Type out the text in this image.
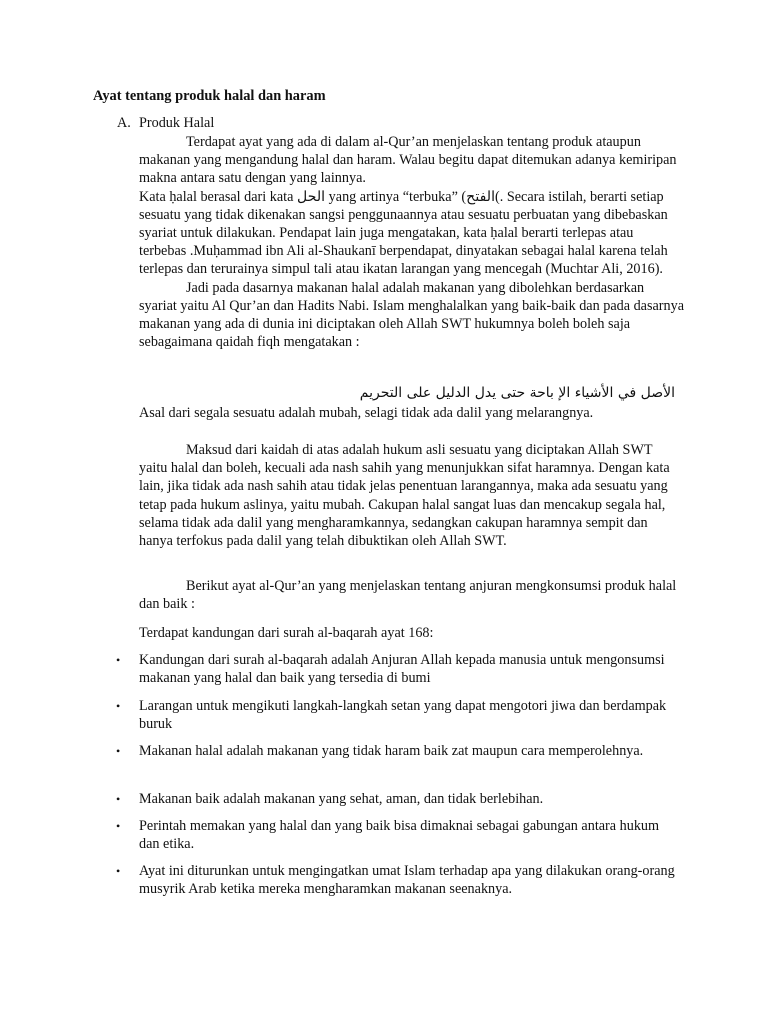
Ayat tentang produk halal dan haram
A. Produk Halal

Terdapat ayat yang ada di dalam al-Qur’an menjelaskan tentang produk ataupun makanan yang mengandung halal dan haram. Walau begitu dapat ditemukan adanya kemiripan makna antara satu dengan yang lainnya.

Kata ḥalal berasal dari kata الحل yang artinya “terbuka” (الفتح(. Secara istilah, berarti setiap sesuatu yang tidak dikenakan sangsi penggunaannya atau sesuatu perbuatan yang dibebaskan syariat untuk dilakukan. Pendapat lain juga mengatakan, kata ḥalal berarti terlepas atau terbebas .Muḥammad ibn Ali al-Shaukanī berpendapat, dinyatakan sebagai halal karena telah terlepas dan terurainya simpul tali atau ikatan larangan yang mencegah (Muchtar Ali, 2016).

Jadi pada dasarnya makanan halal adalah makanan yang dibolehkan berdasarkan syariat yaitu Al Qur’an dan Hadits Nabi. Islam menghalalkan yang baik-baik dan pada dasarnya makanan yang ada di dunia ini diciptakan oleh Allah SWT hukumnya boleh boleh saja sebagaimana qaidah fiqh mengatakan :

الأصل في الأشياء الإ باحة حتى يدل الدليل على التحريم
Asal dari segala sesuatu adalah mubah, selagi tidak ada dalil yang melarangnya.

Maksud dari kaidah di atas adalah hukum asli sesuatu yang diciptakan Allah SWT yaitu halal dan boleh, kecuali ada nash sahih yang menunjukkan sifat haramnya. Dengan kata lain, jika tidak ada nash sahih atau tidak jelas penentuan larangannya, maka ada sesuatu yang tetap pada hukum aslinya, yaitu mubah. Cakupan halal sangat luas dan mencakup segala hal, selama tidak ada dalil yang mengharamkannya, sedangkan cakupan haramnya sempit dan hanya terfokus pada dalil yang telah dibuktikan oleh Allah SWT.

Berikut ayat al-Qur’an yang menjelaskan tentang anjuran mengkonsumsi produk halal dan baik :

Terdapat kandungan dari surah al-baqarah ayat 168:
• Kandungan dari surah al-baqarah adalah Anjuran Allah kepada manusia untuk mengonsumsi makanan yang halal dan baik yang tersedia di bumi
• Larangan untuk mengikuti langkah-langkah setan yang dapat mengotori jiwa dan berdampak buruk
• Makanan halal adalah makanan yang tidak haram baik zat maupun cara memperolehnya.
• Makanan baik adalah makanan yang sehat, aman, dan tidak berlebihan.
• Perintah memakan yang halal dan yang baik bisa dimaknai sebagai gabungan antara hukum dan etika.
• Ayat ini diturunkan untuk mengingatkan umat Islam terhadap apa yang dilakukan orang-orang musyrik Arab ketika mereka mengharamkan makanan seenaknya.
